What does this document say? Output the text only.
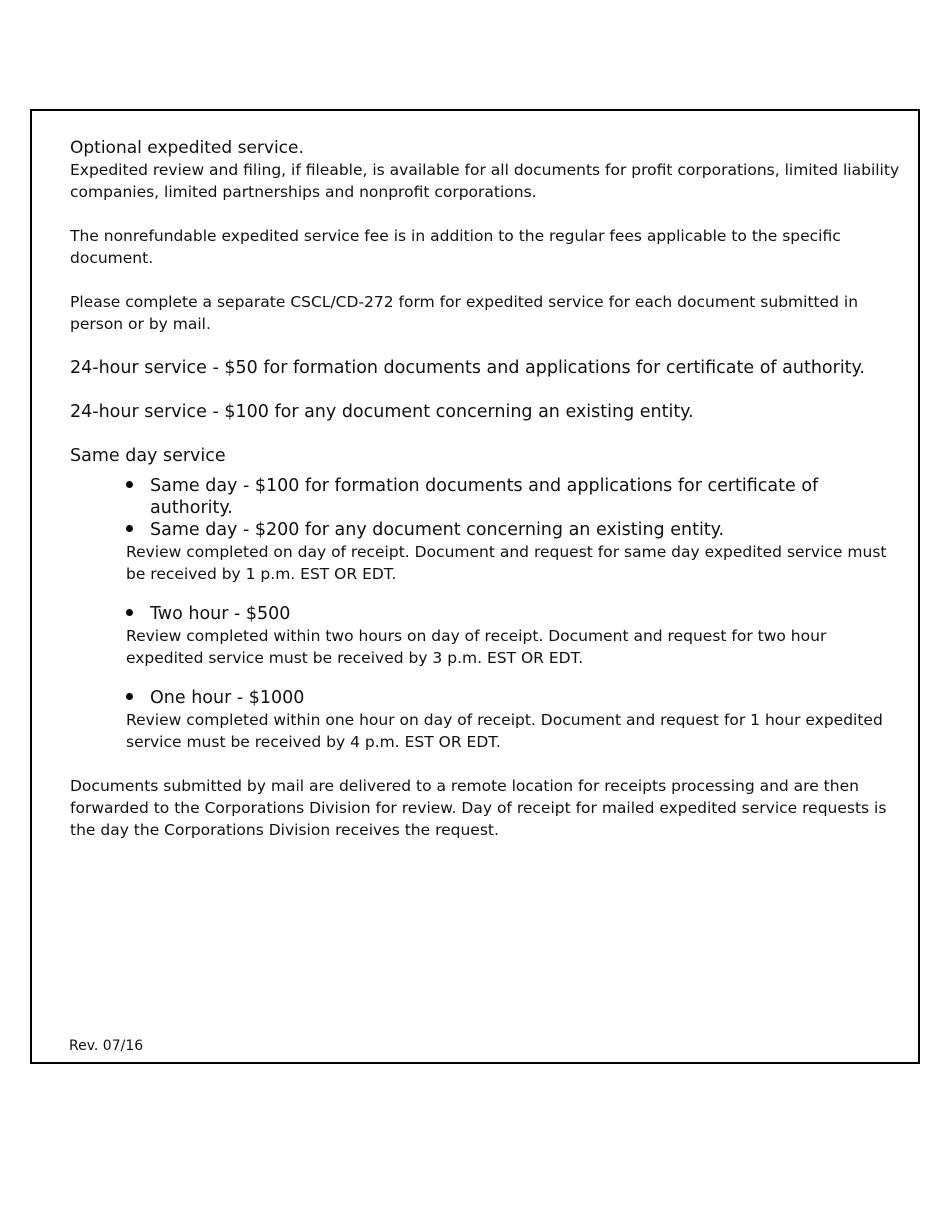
Optional expedited service.

Expedited review and filing, if fileable, is available for all documents for profit corporations, limited liability companies, limited partnerships and nonprofit corporations.

The nonrefundable expedited service fee is in addition to the regular fees applicable to the specific document.

Please complete a separate CSCL/CD-272 form for expedited service for each document submitted in person or by mail.

24-hour service - $50 for formation documents and applications for certificate of authority.

24-hour service - $100 for any document concerning an existing entity.

Same day service

Same day - $100 for formation documents and applications for certificate of authority.

Same day - $200 for any document concerning an existing entity.

Review completed on day of receipt. Document and request for same day expedited service must be received by 1 p.m. EST OR EDT.

Two hour - $500

Review completed within two hours on day of receipt. Document and request for two hour expedited service must be received by 3 p.m. EST OR EDT.

One hour - $1000

Review completed within one hour on day of receipt. Document and request for 1 hour expedited service must be received by 4 p.m. EST OR EDT.

Documents submitted by mail are delivered to a remote location for receipts processing and are then forwarded to the Corporations Division for review. Day of receipt for mailed expedited service requests is the day the Corporations Division receives the request.

Rev. 07/16
